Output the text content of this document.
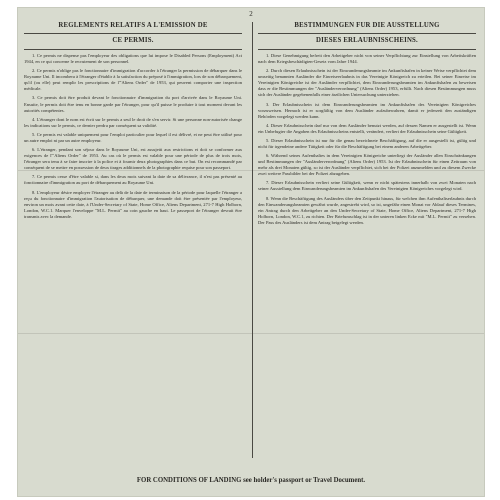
2
REGLEMENTS RELATIFS A L'EMISSION DE
CE PERMIS.

1. Ce permis ne dispense pas l'employeur des obligations que lui impose le Disabled Persons (Employment) Act 1944, en ce qui concerne le recrutement de son personnel.

2. Ce permis n'oblige pas le fonctionnaire d'immigration d'accorder à l'étranger la permission de débarquer dans le Royaume Uni. Il incombera à l'étranger d'établir à la satisfaction du préposé à l'immigration, lors de son débarquement, qu'il (ou elle) peut remplir les prescriptions de l'"Aliens Order" de 1953, qui peuvent comporter une inspection médicale.

3. Ce permis doit être produit devant le fonctionnaire d'immigration du port d'arrivée dans le Royaume Uni. Ensuite, le permis doit être tenu en bonne garde par l'étranger, pour qu'il puisse le produire à tout moment devant les autorités compétentes.

4. L'étranger dont le nom est écrit sur le permis a seul le droit de s'en servir. Si une personne non-autorisée change les indications sur le permis, ce dernier perdra par conséquent sa validité.

5. Ce permis est valable uniquement pour l'emploi particulier pour lequel il est délivré, et ne peut être utilisé pour un autre emploi ni par un autre employeur.

6. L'étranger, pendant son séjour dans le Royaume Uni, est assujetti aux restrictions et doit se conformer aux exigences de l'"Aliens Order" de 1953. Au cas où le permis est valable pour une période de plus de trois mois, l'étranger sera tenu à se faire inscrire à la police et à fournir deux photographies dans ce but. On est recommandé par conséquent de se mettre en possession de deux tirages additionnels de la photographie requise pour son passeport.

7. Ce permis cesse d'être valable si, dans les deux mois suivant la date de sa délivrance, il n'est pas présenté au fonctionnaire d'immigration au port de débarquement au Royaume Uni.

8. L'employeur désire employer l'étranger au delà de la date de terminaison de la période pour laquelle l'étranger a reçu du fonctionnaire d'immigration l'autorisation de débarquer, une demande doit être présentée par l'employeur, environ un mois avant cette date, à l'Under-Secretary of State, Home Office, Aliens Department, 271-7 High Holborn, London, W.C.1. Marquer l'enveloppe "M.L. Permit" au coin gauche en haut. Le passeport de l'étranger devrait être transmis avec la demande.

BESTIMMUNGEN FUR DIE AUSSTELLUNG
DIESES ERLAUBNISSCHEINS.

1. Diese Genehmigung befreit den Arbeitgeber nicht von seiner Verpflichtung zur Einstellung von Arbeitskräften nach dem Kriegsbeschädigten-Gesetz vom Jahre 1944.

2. Durch diesen Erlaubnisschein ist der Einwanderungsbeamte im Ankunftshafen in keiner Weise verpflichtet dem umseitig benannten Ausländer die Einreiseerlaubnis in das Vereinigte Königreich zu erteilen. Bei seiner Einreise im Vereinigten Königreiche ist der Ausländer verpflichtet, dem Einwanderungsbeamten im Ankunftshafen zu beweisen dass er die Bestimmungen der "Ausländerverordnung" (Aliens Order) 1953, erfüllt. Nach diesen Bestimmungen muss sich der Ausländer gegebenenfalls einer ärztlichen Untersuchung unterziehen.

3. Der Erlaubnisschein ist dem Einwanderungsbeamten im Ankunftshafen des Vereinigten Königreiches vorzuweisen. Hernach ist er sorgfältig von dem Ausländer aufzubewahren, damit er jederzeit den zuständigen Behörden vorgelegt werden kann.

4. Dieser Erlaubnisschein darf nur von dem Ausländer benutzt werden, auf dessen Namen er ausgestellt ist. Wenn ein Unbefugter die Angaben des Erlaubnisscheins entstellt, verändert, verliert der Erlaubnisschein seine Gültigkeit.

5. Dieser Erlaubnisschein ist nur für die genau bezeichnete Beschäftigung, auf die er ausgestellt ist, gültig und nicht für irgendeine andere Tätigkeit oder für die Beschäftigung bei einem anderen Arbeitgeber.

6. Während seines Aufenthaltes in dem Vereinigten Königreiche unterliegt der Ausländer allen Einschränkungen und Bestimmungen der "Ausländerverordnung" (Aliens Order) 1953. Ist der Erlaubnisschein für einen Zeitraum von mehr als drei Monaten gültig, so ist der Ausländer verpflichtet, sich bei der Polizei anzumelden und zu diesem Zwecke zwei weitere Passbilder bei der Polizei abzugeben.

7. Dieser Erlaubnisschein verliert seine Gültigkeit, wenn er nicht spätestens innerhalb von zwei Monaten nach seiner Ausstellung dem Einwanderungsbeamten im Ankunftshafen des Vereinigten Königreiches vorgelegt wird.

8. Wenn die Beschäftigung des Ausländers über den Zeitpunkt hinaus, für welchen ihm Aufenthaltserlaubnis durch den Einwanderungsbeamten gewährt wurde, angestrebt wird, so ist, ungefähr einen Monat vor Ablauf dieses Termines, ein Antrag durch den Arbeitgeber an den Under-Secretary of State, Home Office, Aliens Department, 271-7 High Holborn, London, W.C.1, zu richten. Der Briefumschlag ist in der unteren linken Ecke mit "M.L. Permit" zu versehen. Der Pass des Ausländers ist dem Antrag beigelegt werden.

FOR CONDITIONS OF LANDING see holder's passport or Travel Document.
